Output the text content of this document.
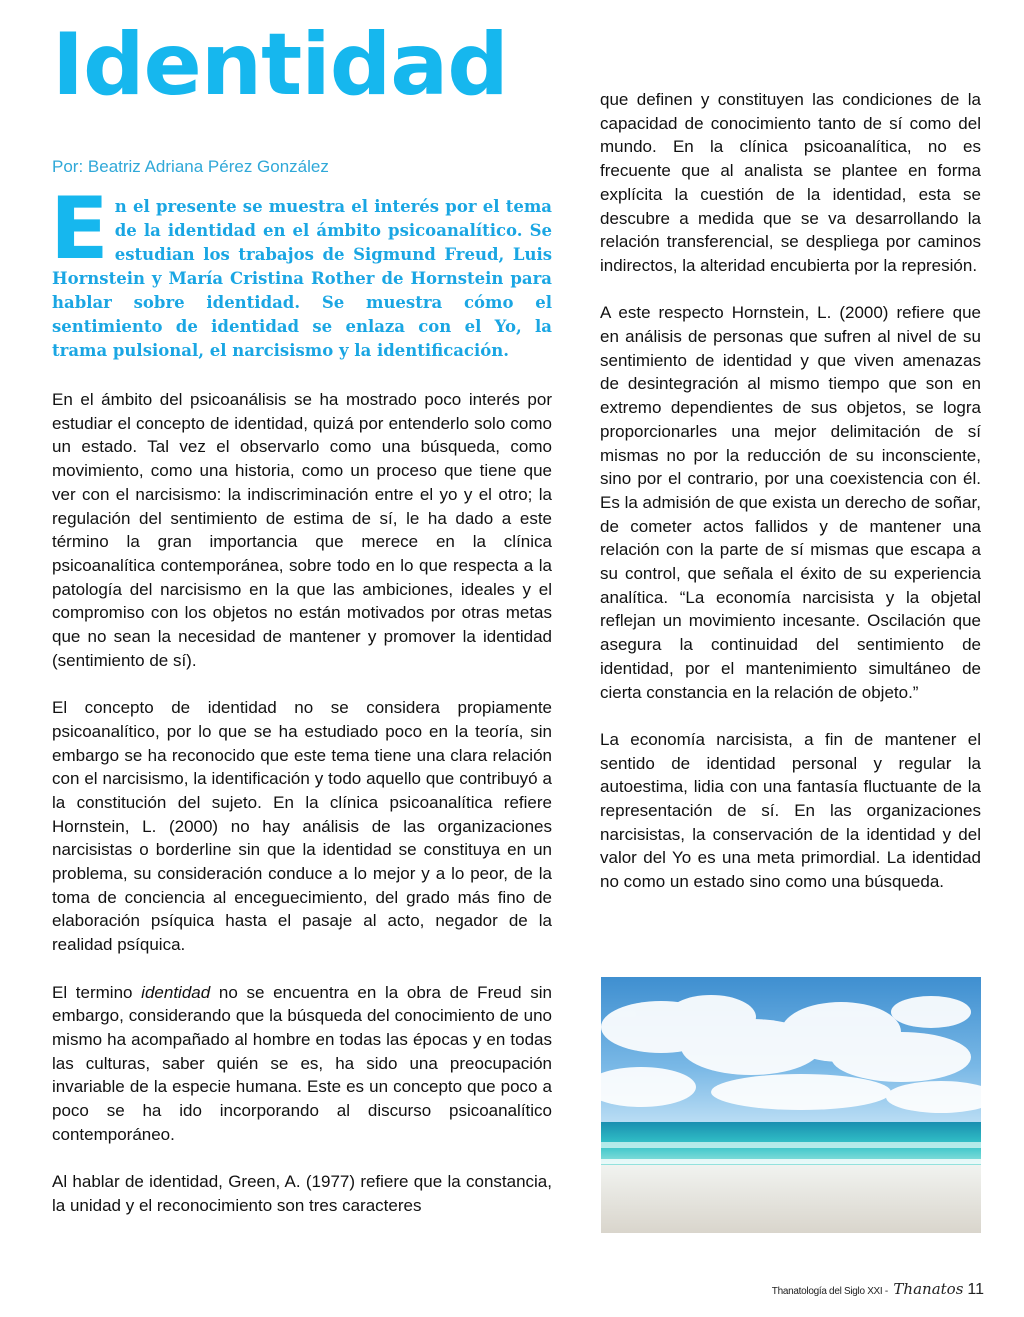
Identidad
Por: Beatriz Adriana Pérez González
E n el presente se muestra el interés por el tema de la identidad en el ámbito psicoanalítico. Se estudian los trabajos de Sigmund Freud, Luis Hornstein y María Cristina Rother de Hornstein para hablar sobre identidad. Se muestra cómo el sentimiento de identidad se enlaza con el Yo, la trama pulsional, el narcisismo y la identificación.

En el ámbito del psicoanálisis se ha mostrado poco interés por estudiar el concepto de identidad, quizá por entenderlo solo como un estado. Tal vez el observarlo como una búsqueda, como movimiento, como una historia, como un proceso que tiene que ver con el narcisismo: la indiscriminación entre el yo y el otro; la regulación del sentimiento de estima de sí, le ha dado a este término la gran importancia que merece en la clínica psicoanalítica contemporánea, sobre todo en lo que respecta a la patología del narcisismo en la que las ambiciones, ideales y el compromiso con los objetos no están motivados por otras metas que no sean la necesidad de mantener y promover la identidad (sentimiento de sí).

El concepto de identidad no se considera propiamente psicoanalítico, por lo que se ha estudiado poco en la teoría, sin embargo se ha reconocido que este tema tiene una clara relación con el narcisismo, la identificación y todo aquello que contribuyó a la constitución del sujeto. En la clínica psicoanalítica refiere Hornstein, L. (2000) no hay análisis de las organizaciones narcisistas o borderline sin que la identidad se constituya en un problema, su consideración conduce a lo mejor y a lo peor, de la toma de conciencia al enceguecimiento, del grado más fino de elaboración psíquica hasta el pasaje al acto, negador de la realidad psíquica.

El termino identidad no se encuentra en la obra de Freud sin embargo, considerando que la búsqueda del conocimiento de uno mismo ha acompañado al hombre en todas las épocas y en todas las culturas, saber quién se es, ha sido una preocupación invariable de la especie humana. Este es un concepto que poco a poco se ha ido incorporando al discurso psicoanalítico contemporáneo.

Al hablar de identidad, Green, A. (1977) refiere que la constancia, la unidad y el reconocimiento son tres caracteres

que definen y constituyen las condiciones de la capacidad de conocimiento tanto de sí como del mundo. En la clínica psicoanalítica, no es frecuente que al analista se plantee en forma explícita la cuestión de la identidad, esta se descubre a medida que se va desarrollando la relación transferencial, se despliega por caminos indirectos, la alteridad encubierta por la represión.

A este respecto Hornstein, L. (2000) refiere que en análisis de personas que sufren al nivel de su sentimiento de identidad y que viven amenazas de desintegración al mismo tiempo que son en extremo dependientes de sus objetos, se logra proporcionarles una mejor delimitación de sí mismas no por la reducción de su inconsciente, sino por el contrario, por una coexistencia con él. Es la admisión de que exista un derecho de soñar, de cometer actos fallidos y de mantener una relación con la parte de sí mismas que escapa a su control, que señala el éxito de su experiencia analítica. “La economía narcisista y la objetal reflejan un movimiento incesante. Oscilación que asegura la continuidad del sentimiento de identidad, por el mantenimiento simultáneo de cierta constancia en la relación de objeto.”

La economía narcisista, a fin de mantener el sentido de identidad personal y regular la autoestima, lidia con una fantasía fluctuante de la representación de sí. En las organizaciones narcisistas, la conservación de la identidad y del valor del Yo es una meta primordial. La identidad no como un estado sino como una búsqueda.

Thanatología del Siglo XXI - Thanatos 11
